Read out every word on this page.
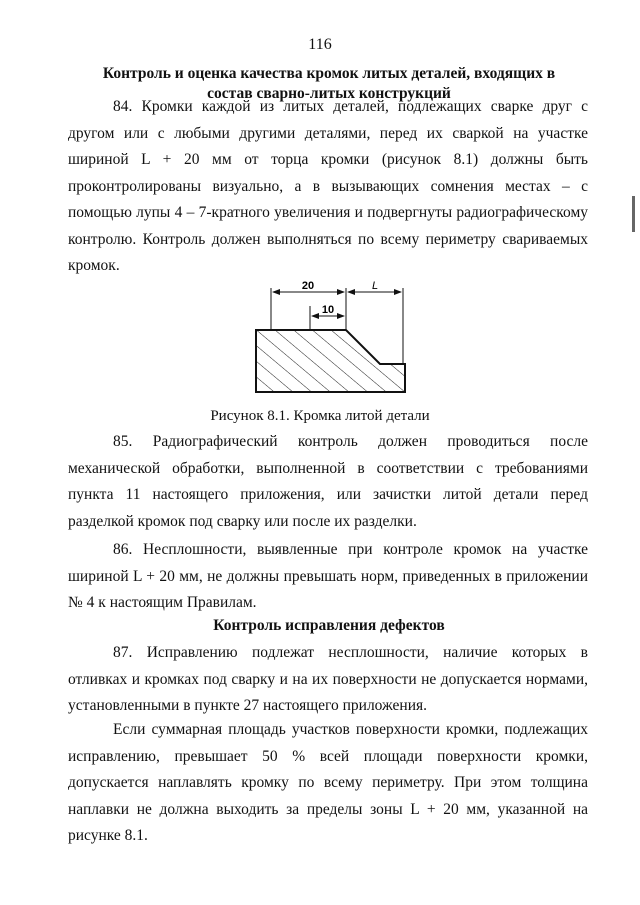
116
Контроль и оценка качества кромок литых деталей, входящих в
состав сварно-литых конструкций

84. Кромки каждой из литых деталей, подлежащих сварке друг с другом или с любыми другими деталями, перед их сваркой на участке шириной L + 20 мм от торца кромки (рисунок 8.1) должны быть проконтролированы визуально, а в вызывающих сомнения местах – с помощью лупы 4 – 7-кратного увеличения и подвергнуты радиографическому контролю. Контроль должен выполняться по всему периметру свариваемых кромок.

20	L
10
Рисунок 8.1. Кромка литой детали

85. Радиографический контроль должен проводиться после механической обработки, выполненной в соответствии с требованиями пункта 11 настоящего приложения, или зачистки литой детали перед разделкой кромок под сварку или после их разделки.

86. Несплошности, выявленные при контроле кромок на участке шириной L + 20 мм, не должны превышать норм, приведенных в приложении № 4 к настоящим Правилам.

Контроль исправления дефектов

87. Исправлению подлежат несплошности, наличие которых в отливках и кромках под сварку и на их поверхности не допускается нормами, установленными в пункте 27 настоящего приложения.

Если суммарная площадь участков поверхности кромки, подлежащих исправлению, превышает 50 % всей площади поверхности кромки, допускается наплавлять кромку по всему периметру. При этом толщина наплавки не должна выходить за пределы зоны L + 20 мм, указанной на рисунке 8.1.
